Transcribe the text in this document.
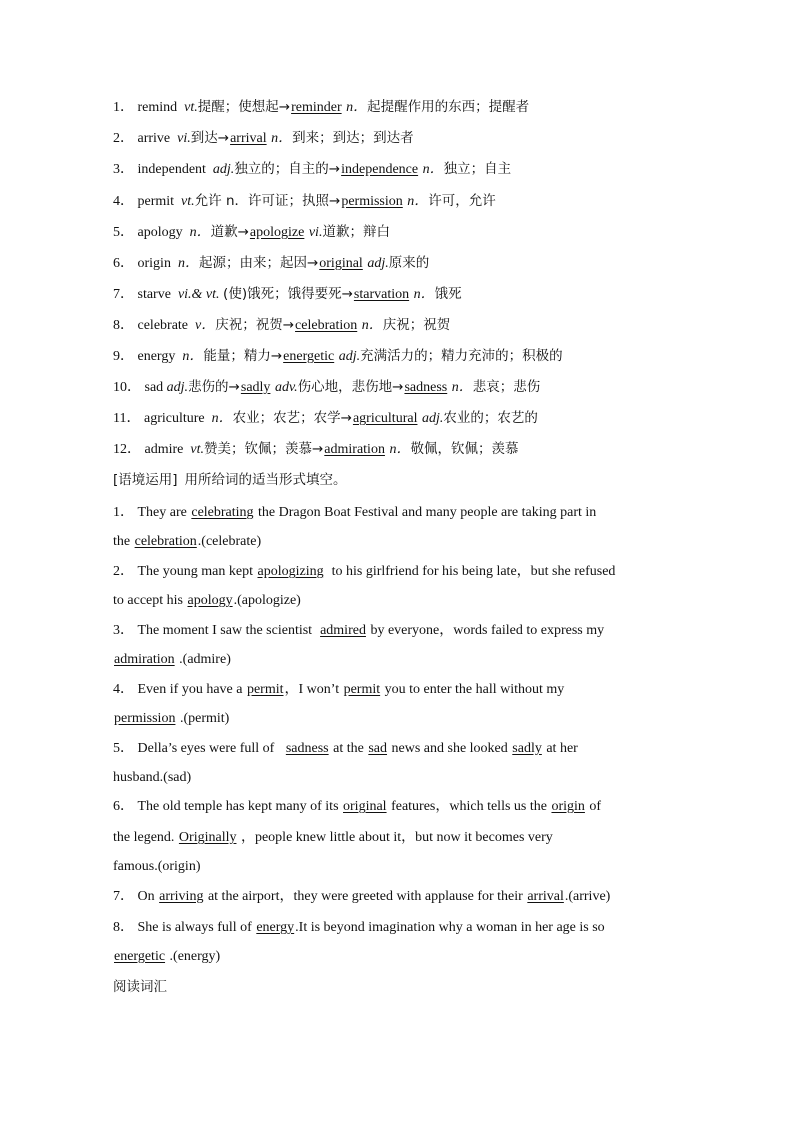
1． remind vt.提醒；使想起→reminder n．起提醒作用的东西；提醒者
2． arrive vi.到达→arrival n．到来；到达；到达者
3． independent adj.独立的；自主的→independence n．独立；自主
4． permit vt.允许 n．许可证；执照→permission n．许可，允许
5． apology n．道歉→apologize vi.道歉；辩白
6． origin n．起源；由来；起因→original adj.原来的
7． starve vi.& vt. (使)饿死；饿得要死→starvation n．饿死
8． celebrate v．庆祝；祝贺→celebration n．庆祝；祝贺
9． energy n．能量；精力→energetic adj.充满活力的；精力充沛的；积极的
10． sad adj.悲伤的→sadly adv.伤心地，悲伤地→sadness n．悲哀；悲伤
11． agriculture n．农业；农艺；农学→agricultural adj.农业的；农艺的
12． admire vt.赞美；钦佩；羡慕→admiration n．敬佩，钦佩；羡慕
[语境运用] 用所给词的适当形式填空。
1． They are celebrating the Dragon Boat Festival and many people are taking part in
the celebration.(celebrate)
2． The young man kept apologizing to his girlfriend for his being late，but she refused
to accept his apology.(apologize)
3． The moment I saw the scientist admired by everyone，words failed to express my
admiration .(admire)
4． Even if you have a permit，I won’t permit you to enter the hall without my
permission .(permit)
5． Della’s eyes were full of sadness at the sad news and she looked sadly at her
husband.(sad)
6． The old temple has kept many of its original features，which tells us the origin of
the legend. Originally ，people knew little about it，but now it becomes very
famous.(origin)
7． On arriving at the airport，they were greeted with applause for their arrival.(arrive)
8． She is always full of energy.It is beyond imagination why a woman in her age is so
energetic .(energy)
阅读词汇
